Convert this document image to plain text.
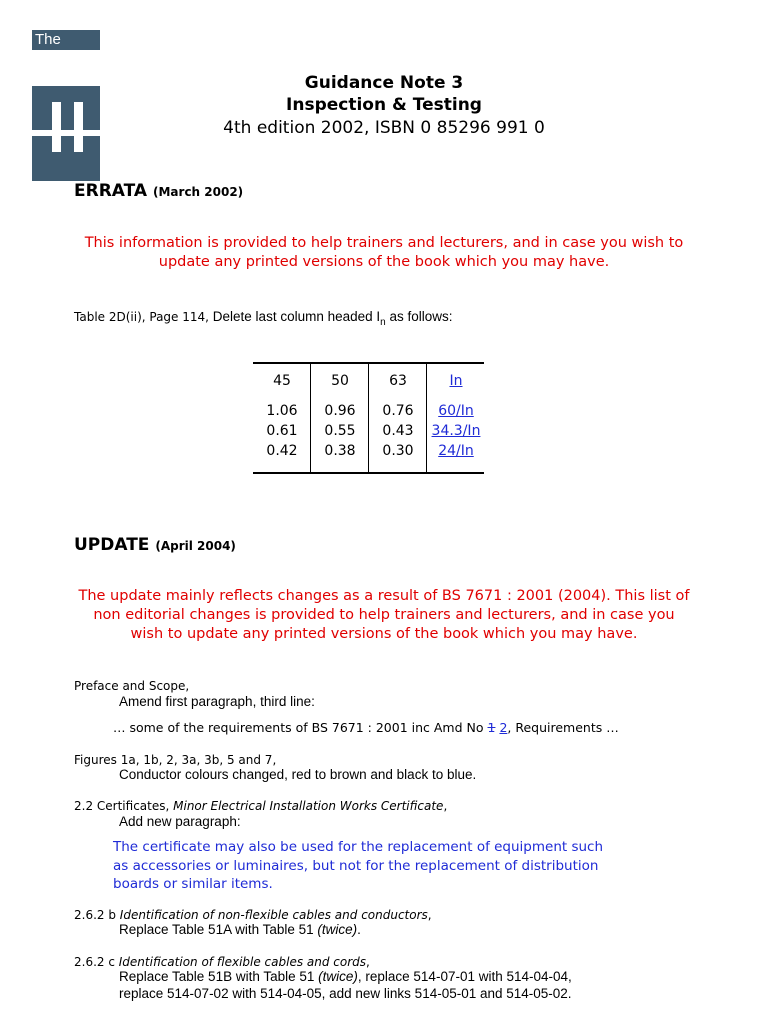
The
Guidance Note 3
Inspection & Testing
4th edition 2002, ISBN 0 85296 991 0
ERRATA (March 2002)
This information is provided to help trainers and lecturers, and in case you wish to
update any printed versions of the book which you may have.
Table 2D(ii), Page 114, Delete last column headed $I_n$ as follows:
45	50	63	In
1.06	0.96	0.76	60/In
0.61	0.55	0.43	34.3/In
0.42	0.38	0.30	24/In
UPDATE (April 2004)
The update mainly reflects changes as a result of BS 7671 : 2001 (2004). This list of
non editorial changes is provided to help trainers and lecturers, and in case you
wish to update any printed versions of the book which you may have.
Preface and Scope,
Amend first paragraph, third line:
… some of the requirements of BS 7671 : 2001 inc Amd No 1 2, Requirements …
Figures 1a, 1b, 2, 3a, 3b, 5 and 7,
Conductor colours changed, red to brown and black to blue.
2.2 Certificates, Minor Electrical Installation Works Certificate,
Add new paragraph:
The certificate may also be used for the replacement of equipment such
as accessories or luminaires, but not for the replacement of distribution
boards or similar items.
2.6.2 b Identification of non-flexible cables and conductors,
Replace Table 51A with Table 51 (twice).
2.6.2 c Identification of flexible cables and cords,
Replace Table 51B with Table 51 (twice), replace 514-07-01 with 514-04-04,
replace 514-07-02 with 514-04-05, add new links 514-05-01 and 514-05-02.
